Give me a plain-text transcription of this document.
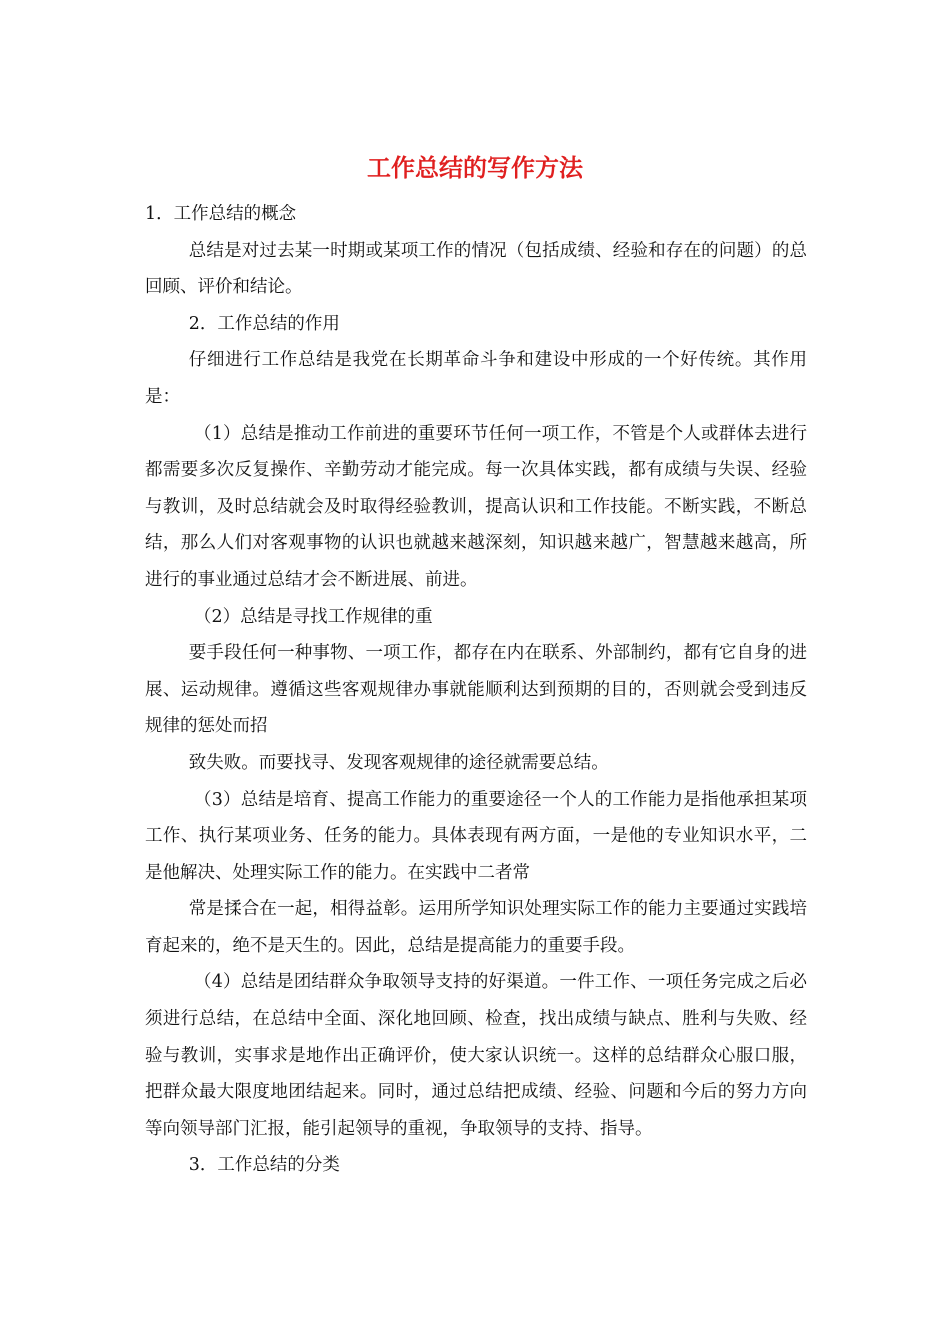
工作总结的写作方法

1．工作总结的概念

总结是对过去某一时期或某项工作的情况（包括成绩、经验和存在的问题）的总回顾、评价和结论。

2．工作总结的作用

仔细进行工作总结是我党在长期革命斗争和建设中形成的一个好传统。其作用是：

（1）总结是推动工作前进的重要环节任何一项工作，不管是个人或群体去进行都需要多次反复操作、辛勤劳动才能完成。每一次具体实践，都有成绩与失误、经验与教训，及时总结就会及时取得经验教训，提高认识和工作技能。不断实践，不断总结，那么人们对客观事物的认识也就越来越深刻，知识越来越广，智慧越来越高，所进行的事业通过总结才会不断进展、前进。

（2）总结是寻找工作规律的重

要手段任何一种事物、一项工作，都存在内在联系、外部制约，都有它自身的进展、运动规律。遵循这些客观规律办事就能顺利达到预期的目的，否则就会受到违反规律的惩处而招

致失败。而要找寻、发现客观规律的途径就需要总结。

（3）总结是培育、提高工作能力的重要途径一个人的工作能力是指他承担某项工作、执行某项业务、任务的能力。具体表现有两方面，一是他的专业知识水平，二是他解决、处理实际工作的能力。在实践中二者常

常是揉合在一起，相得益彰。运用所学知识处理实际工作的能力主要通过实践培育起来的，绝不是天生的。因此，总结是提高能力的重要手段。

（4）总结是团结群众争取领导支持的好渠道。一件工作、一项任务完成之后必须进行总结，在总结中全面、深化地回顾、检查，找出成绩与缺点、胜利与失败、经验与教训，实事求是地作出正确评价，使大家认识统一。这样的总结群众心服口服，把群众最大限度地团结起来。同时，通过总结把成绩、经验、问题和今后的努力方向等向领导部门汇报，能引起领导的重视，争取领导的支持、指导。

3．工作总结的分类
